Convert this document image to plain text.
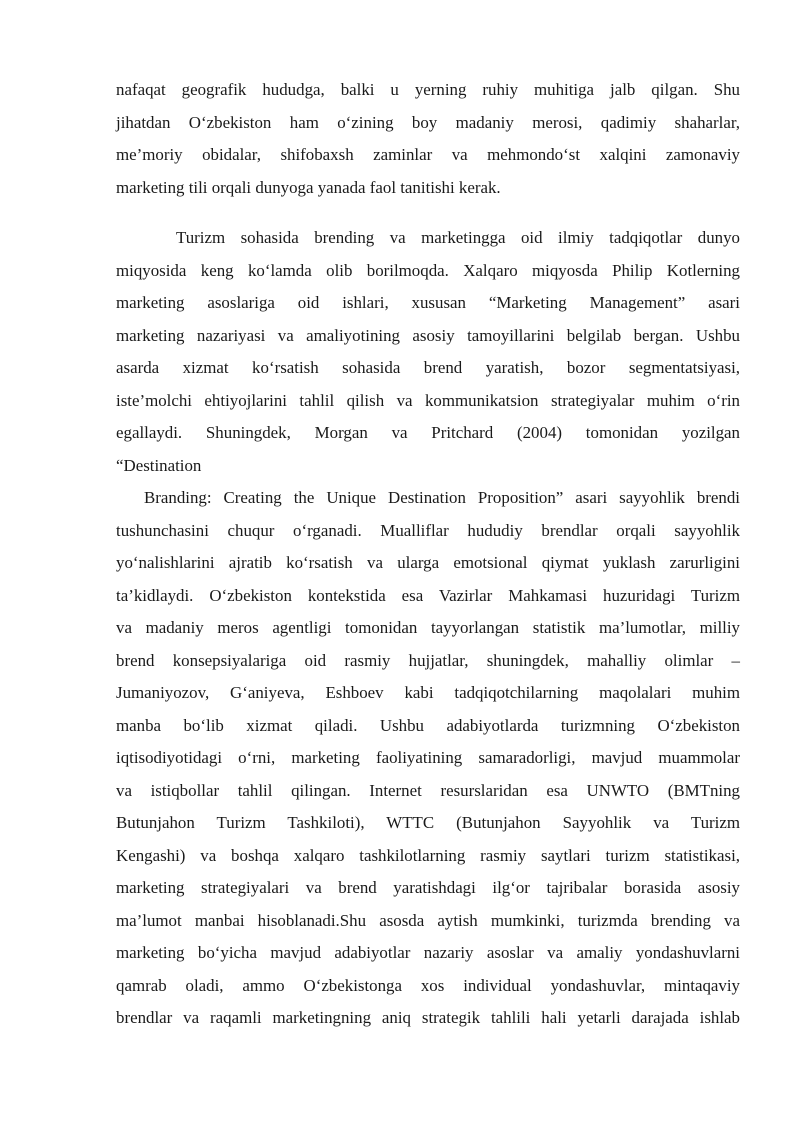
nafaqat geografik hududga, balki u yerning ruhiy muhitiga jalb qilgan. Shu
jihatdan O‘zbekiston ham o‘zining boy madaniy merosi, qadimiy shaharlar,
me’moriy obidalar, shifobaxsh zaminlar va mehmondo‘st xalqini zamonaviy
marketing tili orqali dunyoga yanada faol tanitishi kerak.
Turizm sohasida brending va marketingga oid ilmiy tadqiqotlar dunyo
miqyosida keng ko‘lamda olib borilmoqda. Xalqaro miqyosda Philip Kotlerning
marketing asoslariga oid ishlari, xususan “Marketing Management” asari
marketing nazariyasi va amaliyotining asosiy tamoyillarini belgilab bergan. Ushbu
asarda xizmat ko‘rsatish sohasida brend yaratish, bozor segmentatsiyasi,
iste’molchi ehtiyojlarini tahlil qilish va kommunikatsion strategiyalar muhim o‘rin
egallaydi. Shuningdek, Morgan va Pritchard (2004) tomonidan yozilgan
“Destination
Branding: Creating the Unique Destination Proposition” asari sayyohlik brendi
tushunchasini chuqur o‘rganadi. Mualliflar hududiy brendlar orqali sayyohlik
yo‘nalishlarini ajratib ko‘rsatish va ularga emotsional qiymat yuklash zarurligini
ta’kidlaydi. O‘zbekiston kontekstida esa Vazirlar Mahkamasi huzuridagi Turizm
va madaniy meros agentligi tomonidan tayyorlangan statistik ma’lumotlar, milliy
brend konsepsiyalariga oid rasmiy hujjatlar, shuningdek, mahalliy olimlar –
Jumaniyozov, G‘aniyeva, Eshboev kabi tadqiqotchilarning maqolalari muhim
manba bo‘lib xizmat qiladi. Ushbu adabiyotlarda turizmning O‘zbekiston
iqtisodiyotidagi o‘rni, marketing faoliyatining samaradorligi, mavjud muammolar
va istiqbollar tahlil qilingan. Internet resurslaridan esa UNWTO (BMTning
Butunjahon Turizm Tashkiloti), WTTC (Butunjahon Sayyohlik va Turizm
Kengashi) va boshqa xalqaro tashkilotlarning rasmiy saytlari turizm statistikasi,
marketing strategiyalari va brend yaratishdagi ilg‘or tajribalar borasida asosiy
ma’lumot manbai hisoblanadi.Shu asosda aytish mumkinki, turizmda brending va
marketing bo‘yicha mavjud adabiyotlar nazariy asoslar va amaliy yondashuvlarni
qamrab oladi, ammo O‘zbekistonga xos individual yondashuvlar, mintaqaviy
brendlar va raqamli marketingning aniq strategik tahlili hali yetarli darajada ishlab
